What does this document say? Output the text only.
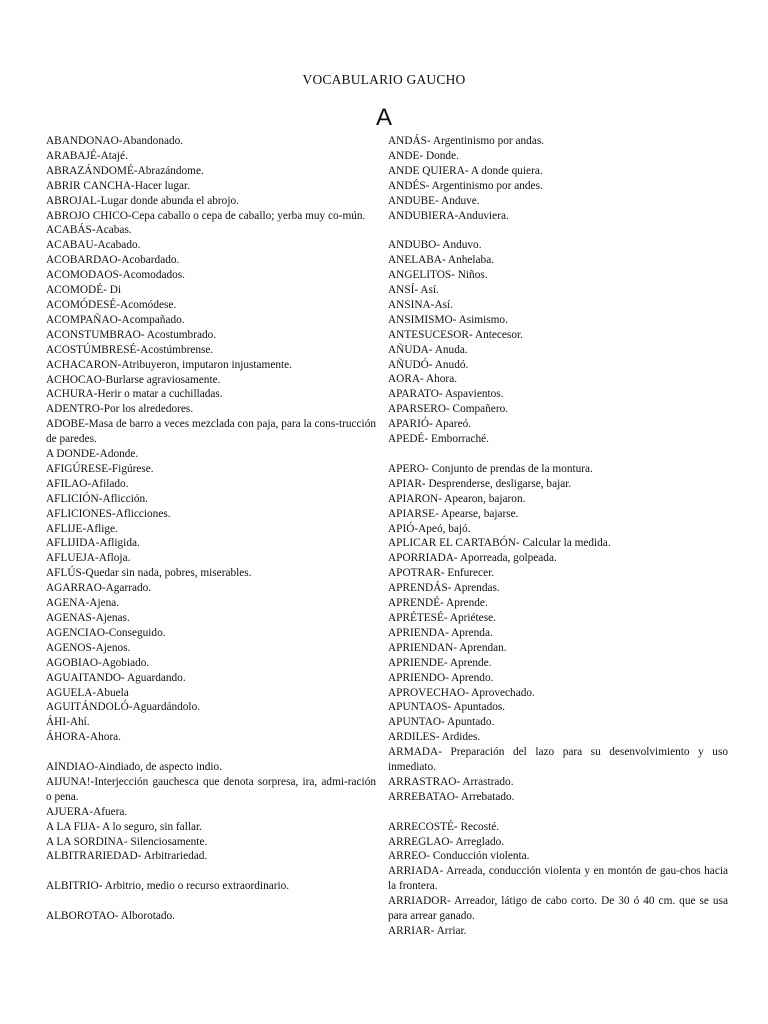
VOCABULARIO GAUCHO
A

ABANDONAO-Abandonado.

ARABAJÉ-Atajé.

ABRAZÁNDOMÉ-Abrazándome.

ABRIR CANCHA-Hacer lugar.

ABROJAL-Lugar donde abunda el abrojo.

ABROJO CHICO-Cepa caballo o cepa de caballo; yerba muy co-mún.

ACABÁS-Acabas.

ACABAU-Acabado.

ACOBARDAO-Acobardado.

ACOMODAOS-Acomodados.

ACOMODÉ- Di

ACOMÓDESÉ-Acomódese.

ACOMPAÑAO-Acompañado.

ACONSTUMBRAO- Acostumbrado.

ACOSTÚMBRESÉ-Acostúmbrense.

ACHACARON-Atribuyeron, imputaron injustamente.

ACHOCAO-Burlarse agraviosamente.

ACHURA-Herir o matar a cuchilladas.

ADENTRO-Por los alrededores.

ADOBE-Masa de barro a veces mezclada con paja, para la cons-trucción de paredes.

A DONDE-Adonde.

AFIGÚRESE-Figúrese.

AFILAO-Afilado.

AFLICIÓN-Aflicción.

AFLICIONES-Aflicciones.

AFLIJE-Aflige.

AFLIJIDA-Afligida.

AFLUEJA-Afloja.

AFLÚS-Quedar sin nada, pobres, miserables.

AGARRAO-Agarrado.

AGENA-Ajena.

AGENAS-Ajenas.

AGENCIAO-Conseguido.

AGENOS-Ajenos.

AGOBIAO-Agobiado.

AGUAITANDO- Aguardando.

AGUELA-Abuela

AGUITÁNDOLÓ-Aguardándolo.

ÁHI-Ahí.

ÁHORA-Ahora.

AINDIAO-Aindiado, de aspecto indio.

AIJUNA!-Interjección gauchesca que denota sorpresa, ira, admi-ración o pena.

AJUERA-Afuera.

A LA FIJA- A lo seguro, sin fallar.

A LA SORDINA- Silenciosamente.

ALBITRARIEDAD- Arbitrariedad.

ALBITRIO- Arbitrio, medio o recurso extraordinario.

ALBOROTAO- Alborotado.

ANDÁS- Argentinismo por andas.

ANDE- Donde.

ANDE QUIERA- A donde quiera.

ANDÉS- Argentinismo por andes.

ANDUBE- Anduve.

ANDUBIERA-Anduviera.

ANDUBO- Anduvo.

ANELABA- Anhelaba.

ANGELITOS- Niños.

ANSÍ- Así.

ANSINA-Así.

ANSIMISMO- Asimismo.

ANTESUCESOR- Antecesor.

AÑUDA- Anuda.

AÑUDÓ- Anudó.

AORA- Ahora.

APARATO- Aspavientos.

APARSERO- Compañero.

APARIÓ- Apareó.

APEDÉ- Emborraché.

APERO- Conjunto de prendas de la montura.

APIAR- Desprenderse, desligarse, bajar.

APIARON- Apearon, bajaron.

APIARSE- Apearse, bajarse.

APIÓ-Apeó, bajó.

APLICAR EL CARTABÓN- Calcular la medida.

APORRIADA- Aporreada, golpeada.

APOTRAR- Enfurecer.

APRENDÁS- Aprendas.

APRENDÉ- Aprende.

APRÉTESÉ- Apriétese.

APRIENDA- Aprenda.

APRIENDAN- Aprendan.

APRIENDE- Aprende.

APRIENDO- Aprendo.

APROVECHAO- Aprovechado.

APUNTAOS- Apuntados.

APUNTAO- Apuntado.

ARDILES- Ardides.

ARMADA- Preparación del lazo para su desenvolvimiento y uso inmediato.

ARRASTRAO- Arrastrado.

ARREBATAO- Arrebatado.

ARRECOSTÉ- Recosté.

ARREGLAO- Arreglado.

ARREO- Conducción violenta.

ARRIADA- Arreada, conducción violenta y en montón de gau-chos hacia la frontera.

ARRIADOR- Arreador, látigo de cabo corto. De 30 ó 40 cm. que se usa para arrear ganado.

ARRIAR- Arriar.
